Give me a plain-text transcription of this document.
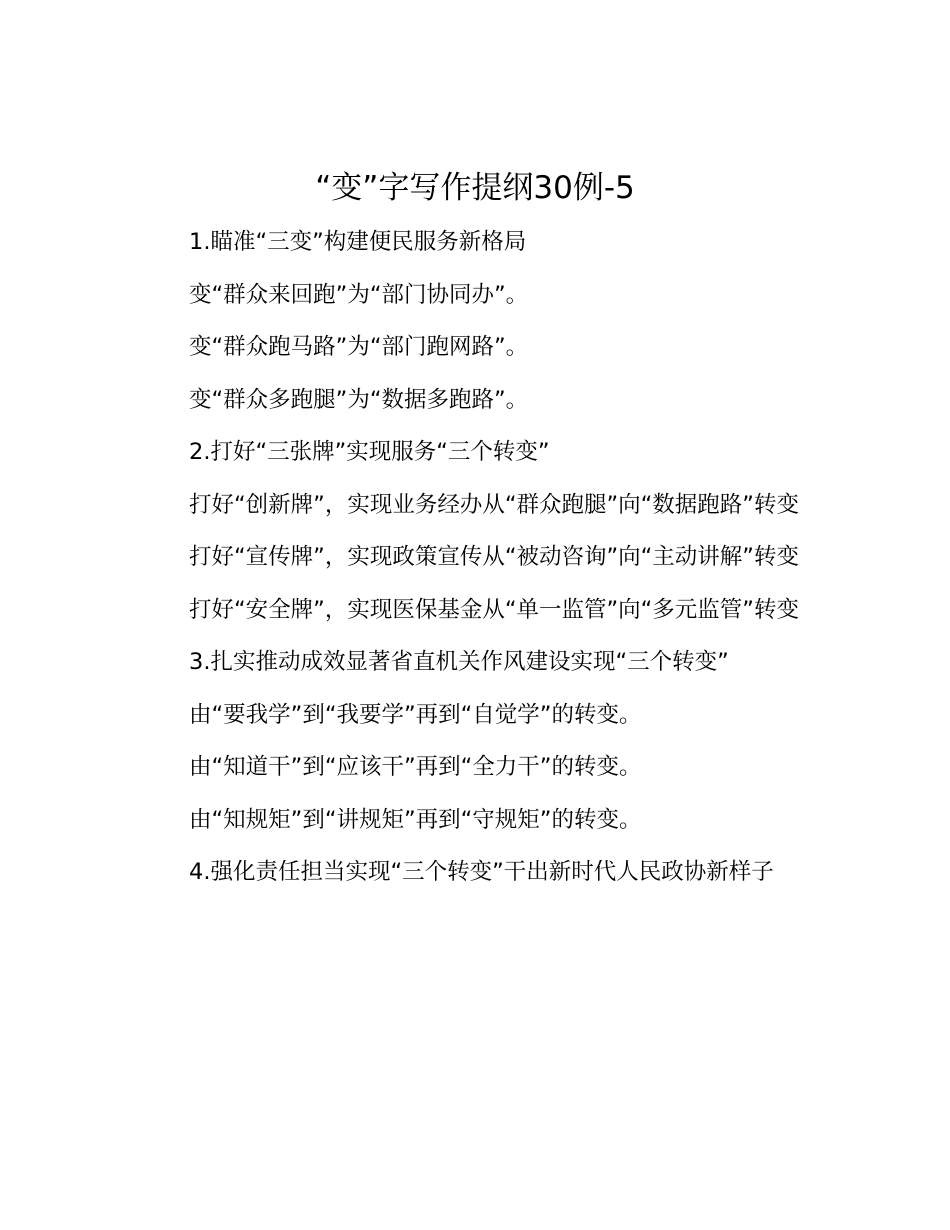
“变”字写作提纲30例-5

1.瞄准“三变”构建便民服务新格局

变“群众来回跑”为“部门协同办”。

变“群众跑马路”为“部门跑网路”。

变“群众多跑腿”为“数据多跑路”。

2.打好“三张牌”实现服务“三个转变”

打好“创新牌”，实现业务经办从“群众跑腿”向“数据跑路”转变

打好“宣传牌”，实现政策宣传从“被动咨询”向“主动讲解”转变

打好“安全牌”，实现医保基金从“单一监管”向“多元监管”转变

3.扎实推动成效显著省直机关作风建设实现“三个转变”

由“要我学”到“我要学”再到“自觉学”的转变。

由“知道干”到“应该干”再到“全力干”的转变。

由“知规矩”到“讲规矩”再到“守规矩”的转变。

4.强化责任担当实现“三个转变”干出新时代人民政协新样子
